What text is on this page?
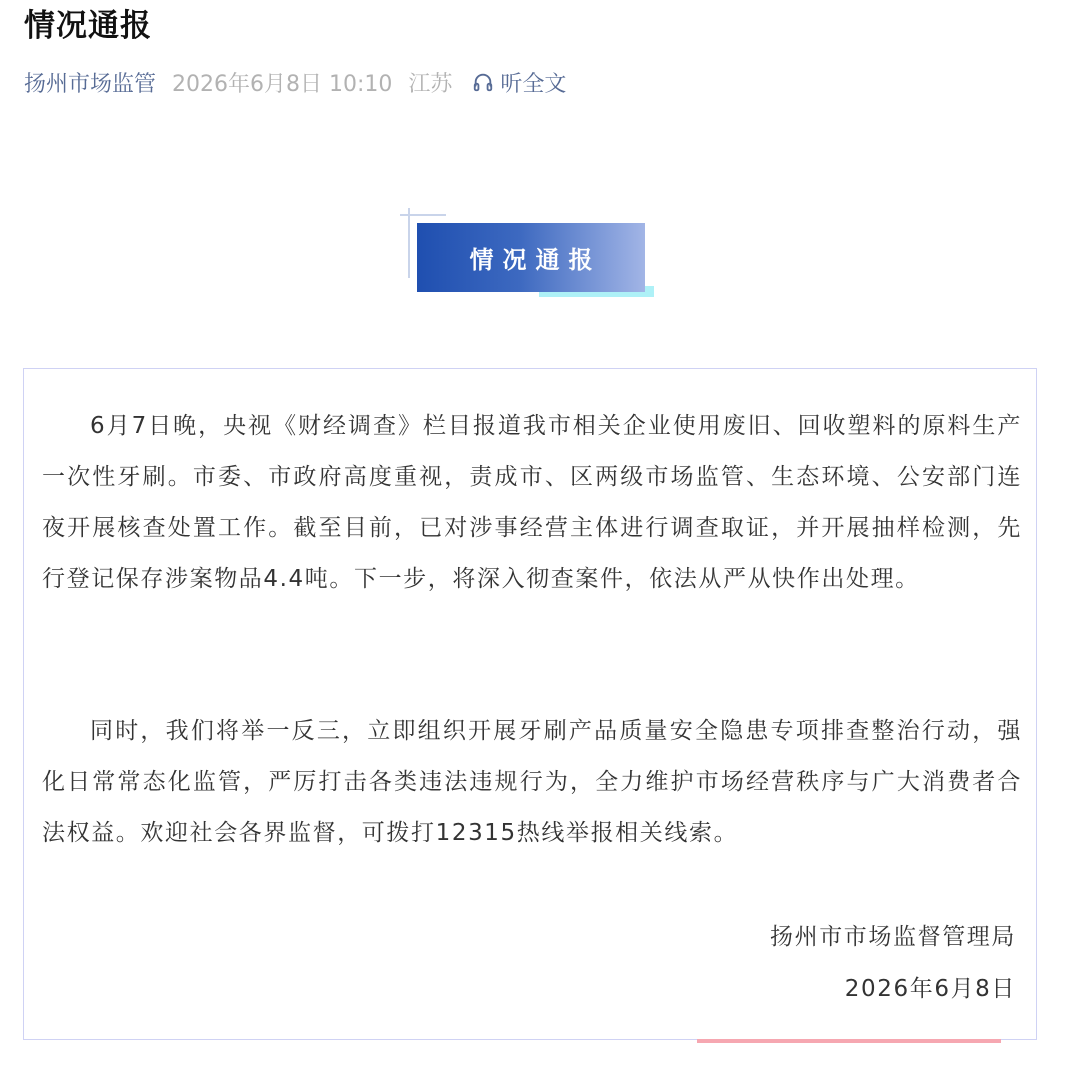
情况通报
扬州市场监管 2026年6月8日 10:10 江苏 听全文
情况通报

6月7日晚，央视《财经调查》栏目报道我市相关企业使用废旧、回收塑料的原料生产一次性牙刷。市委、市政府高度重视，责成市、区两级市场监管、生态环境、公安部门连夜开展核查处置工作。截至目前，已对涉事经营主体进行调查取证，并开展抽样检测，先行登记保存涉案物品4.4吨。下一步，将深入彻查案件，依法从严从快作出处理。

同时，我们将举一反三，立即组织开展牙刷产品质量安全隐患专项排查整治行动，强化日常常态化监管，严厉打击各类违法违规行为，全力维护市场经营秩序与广大消费者合法权益。欢迎社会各界监督，可拨打12315热线举报相关线索。

扬州市市场监督管理局

2026年6月8日
